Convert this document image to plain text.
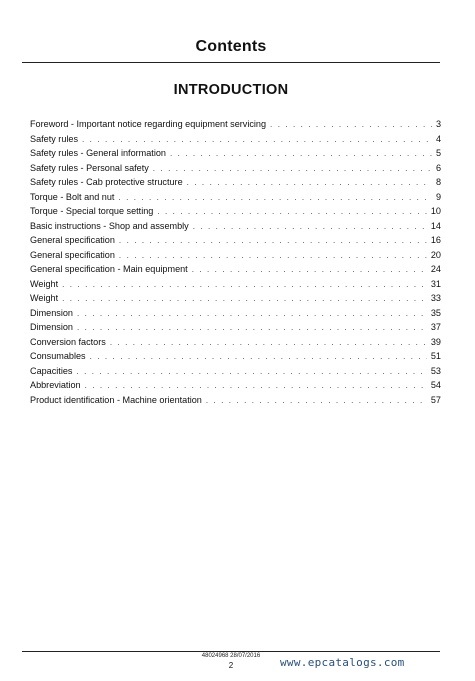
Contents
INTRODUCTION
Foreword - Important notice regarding equipment servicing . . .	3
Safety rules . . .	4
Safety rules - General information . . .	5
Safety rules - Personal safety . . .	6
Safety rules - Cab protective structure . . .	8
Torque - Bolt and nut . . .	9
Torque - Special torque setting . . .	10
Basic instructions - Shop and assembly . . .	14
General specification . . .	16
General specification . . .	20
General specification - Main equipment . . .	24
Weight . . .	31
Weight . . .	33
Dimension . . .	35
Dimension . . .	37
Conversion factors . . .	39
Consumables . . .	51
Capacities . . .	53
Abbreviation . . .	54
Product identification - Machine orientation . . .	57
48024968 28/07/2016
2	www.epcatalogs.com
